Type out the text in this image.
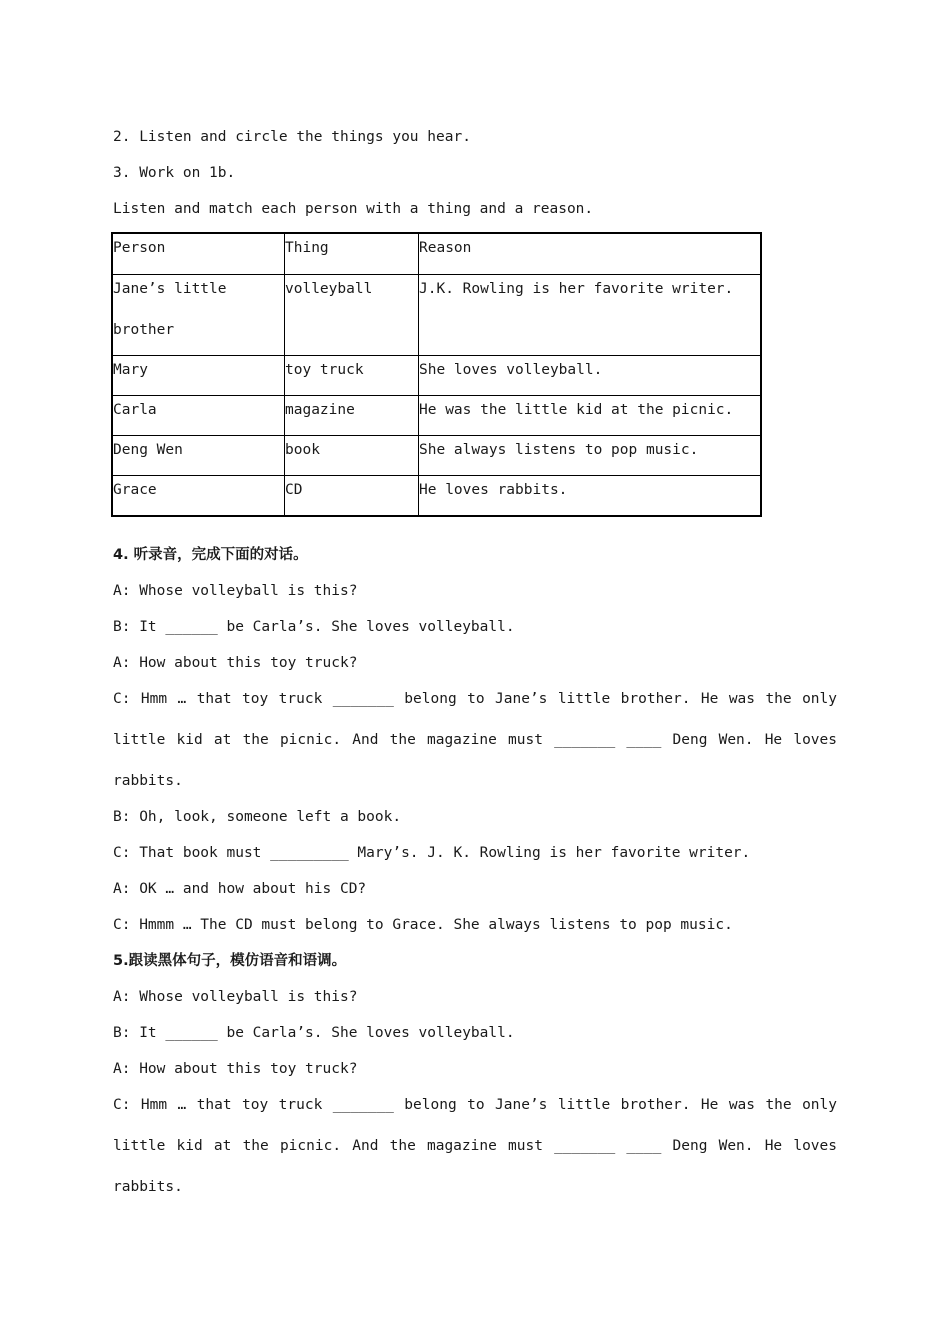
2. Listen and circle the things you hear.
3. Work on 1b.
Listen and match each person with a thing and a reason.
Person	Thing	Reason

Jane’s little brother	volleyball	J.K. Rowling is her favorite writer.
Mary	toy truck	She loves volleyball.
Carla	magazine	He was the little kid at the picnic.
Deng Wen	book	She always listens to pop music.
Grace	CD	He loves rabbits.
4. 听录音，完成下面的对话。
A: Whose volleyball is this?
B: It ______ be Carla’s. She loves volleyball.
A: How about this toy truck?
C: Hmm … that toy truck _______ belong to Jane’s little brother. He was the only
little kid at the picnic. And the magazine must _______ ____ Deng Wen. He loves
rabbits.
B: Oh, look, someone left a book.
C: That book must _________ Mary’s. J. K. Rowling is her favorite writer.
A: OK … and how about his CD?
C: Hmmm … The CD must belong to Grace. She always listens to pop music.
5.跟读黑体句子，模仿语音和语调。
A: Whose volleyball is this?
B: It ______ be Carla’s. She loves volleyball.
A: How about this toy truck?
C: Hmm … that toy truck _______ belong to Jane’s little brother. He was the only
little kid at the picnic. And the magazine must _______ ____ Deng Wen. He loves
rabbits.
